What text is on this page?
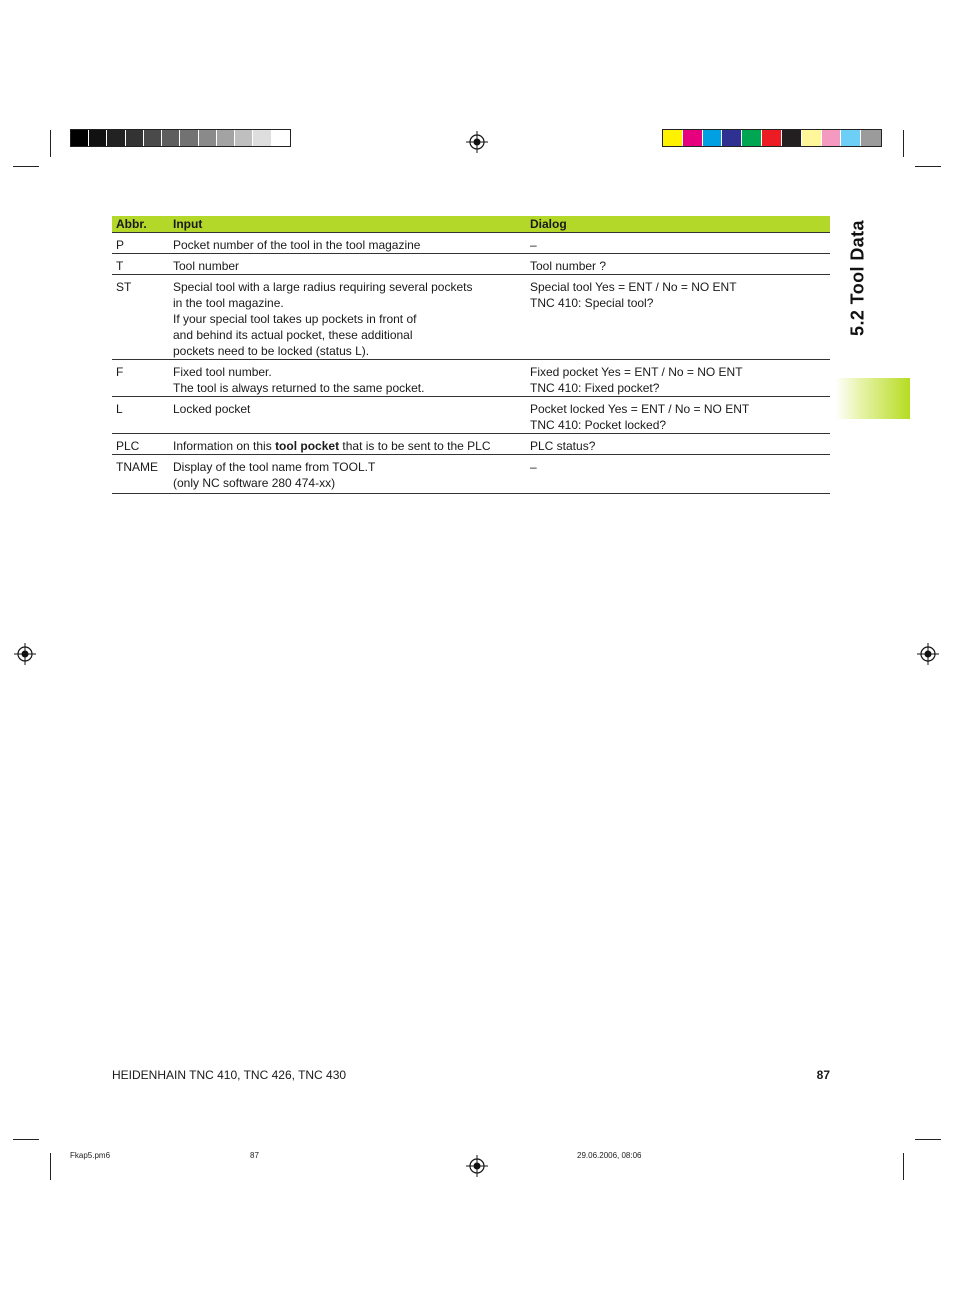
5.2 Tool Data
Abbr.	Input	Dialog
P	Pocket number of the tool in the tool magazine	–

T	Tool number	Tool number ?

ST	Special tool with a large radius requiring several pockets
in the tool magazine.
If your special tool takes up pockets in front of
and behind its actual pocket, these additional
pockets need to be locked (status L).	Special tool Yes = ENT / No = NO ENT
TNC 410: Special tool?

F	Fixed tool number.
The tool is always returned to the same pocket.	Fixed pocket Yes = ENT / No = NO ENT
TNC 410: Fixed pocket?

L	Locked pocket	Pocket locked Yes = ENT / No = NO ENT
TNC 410: Pocket locked?

PLC	Information on this tool pocket that is to be sent to the PLC	PLC status?

TNAME	Display of the tool name from TOOL.T
(only NC software 280 474-xx)	–
HEIDENHAIN TNC 410, TNC 426, TNC 430	87
Fkap5.pm6	87	29.06.2006, 08:06
